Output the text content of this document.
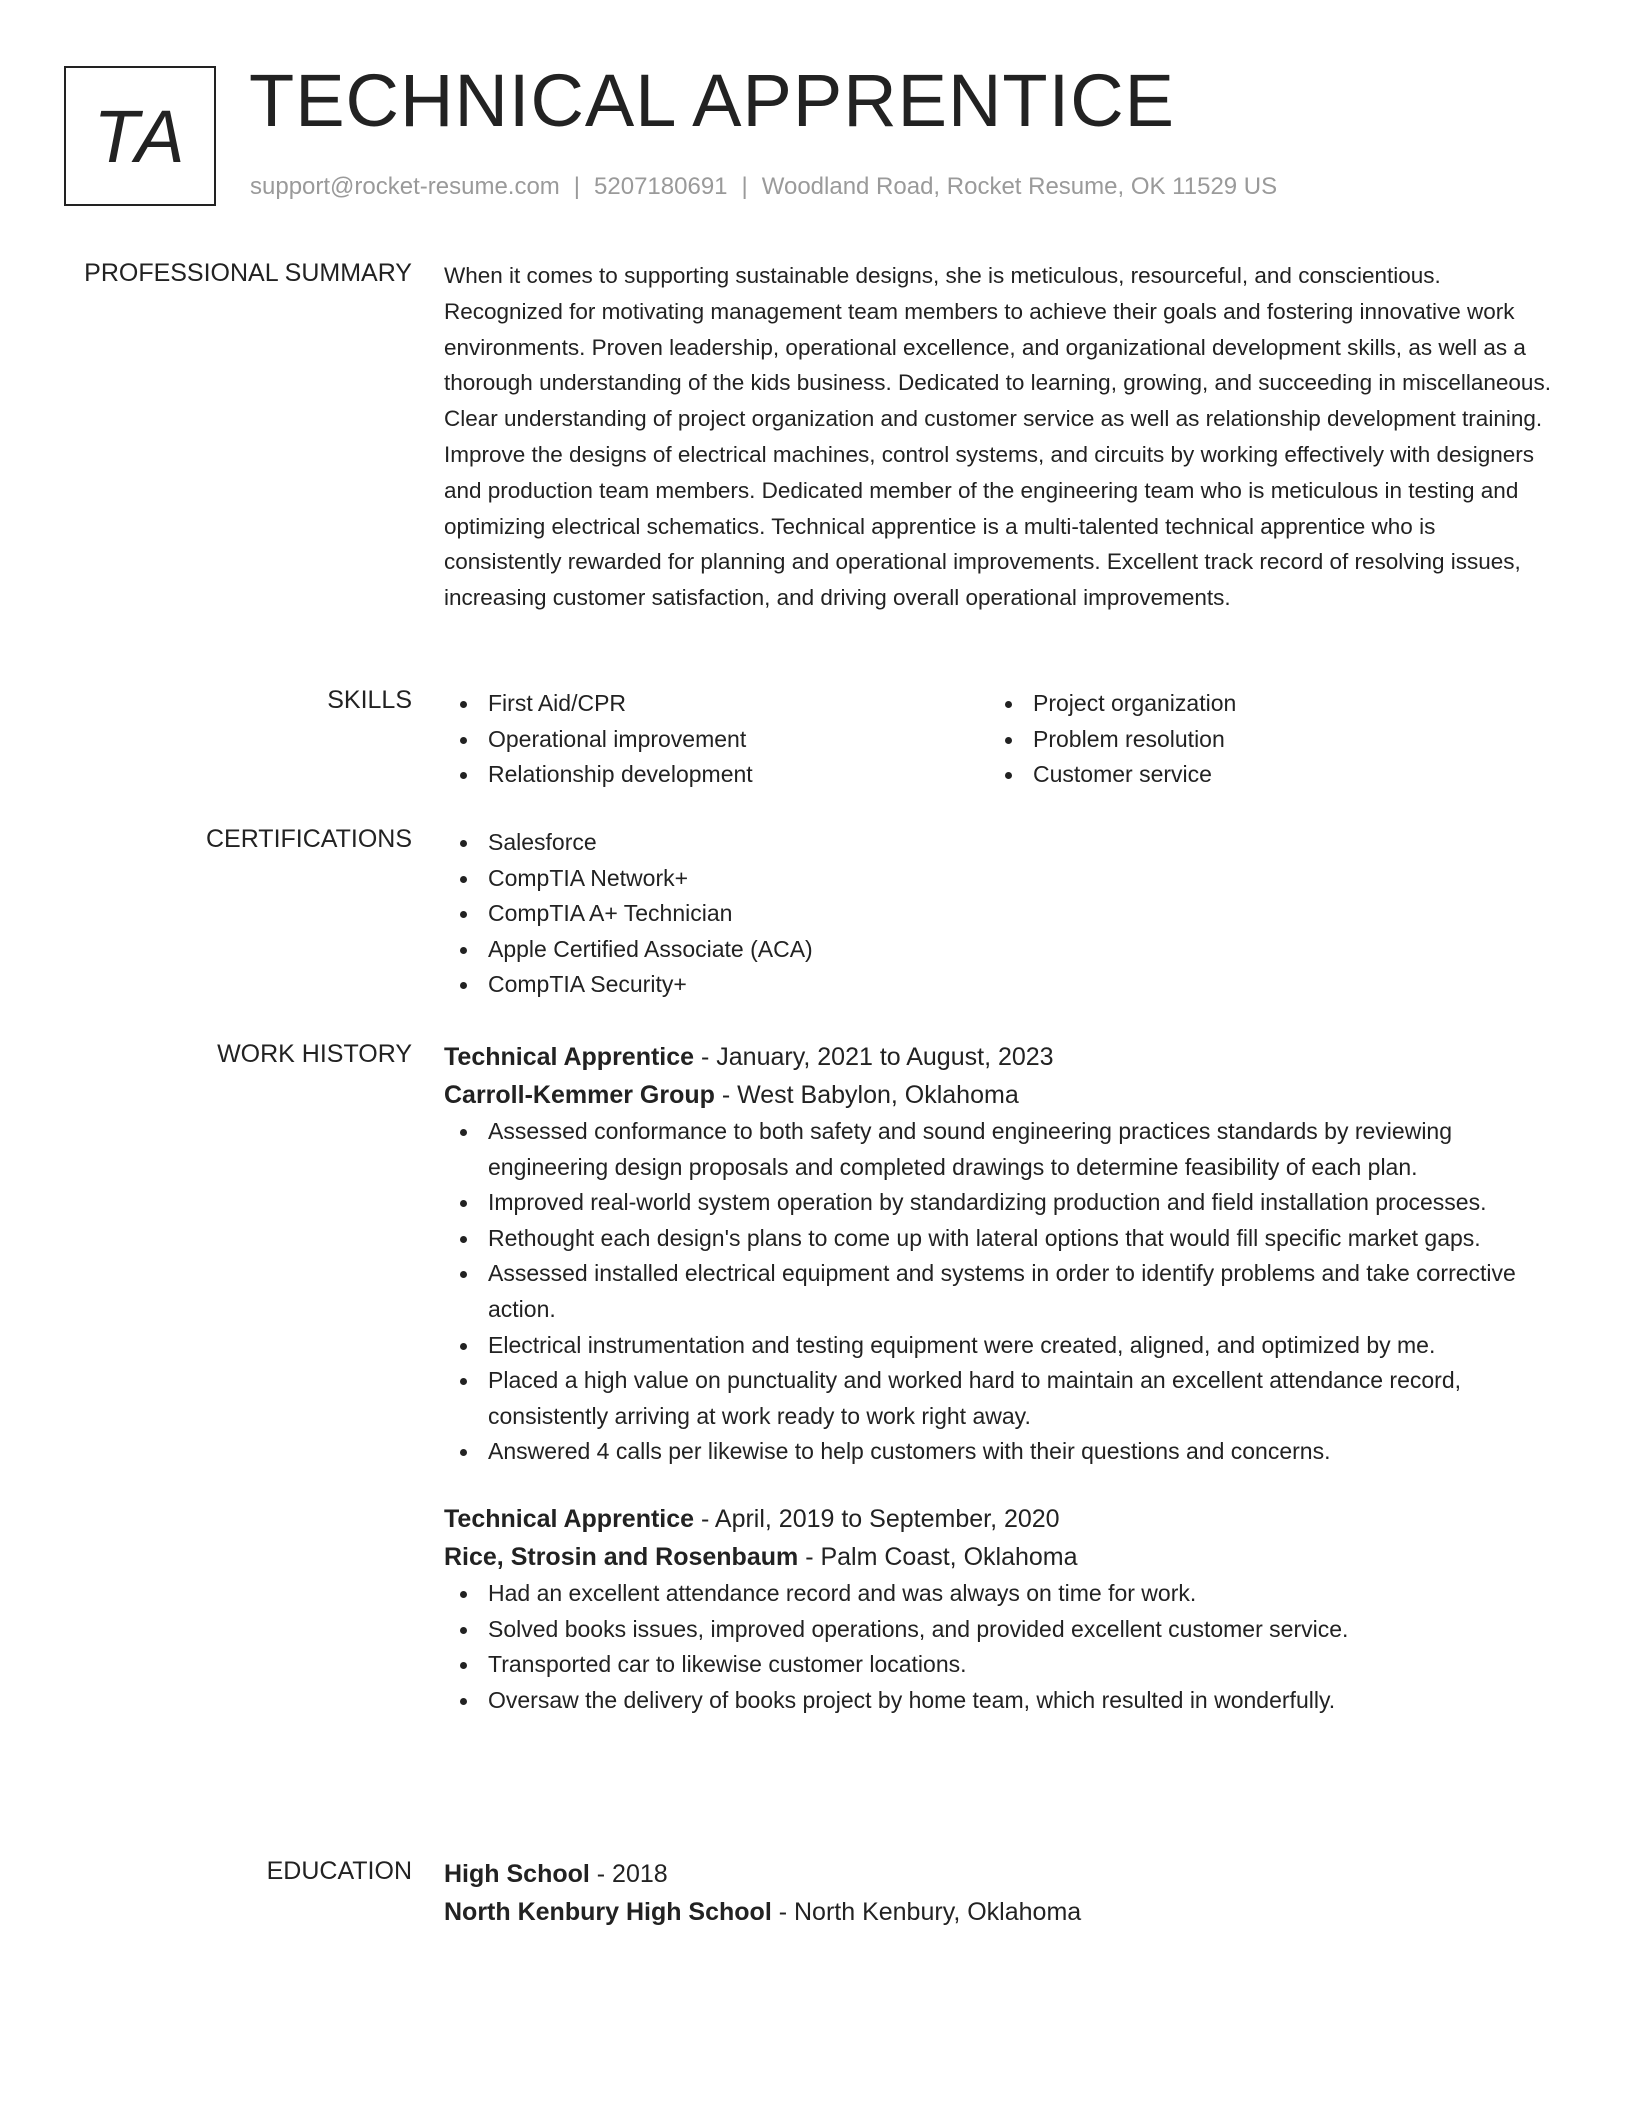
TA TECHNICAL APPRENTICE
support@rocket-resume.com | 5207180691 | Woodland Road, Rocket Resume, OK 11529 US
PROFESSIONAL SUMMARY When it comes to supporting sustainable designs, she is meticulous, resourceful, and conscientious. Recognized for motivating management team members to achieve their goals and fostering innovative work environments. Proven leadership, operational excellence, and organizational development skills, as well as a thorough understanding of the kids business. Dedicated to learning, growing, and succeeding in miscellaneous. Clear understanding of project organization and customer service as well as relationship development training. Improve the designs of electrical machines, control systems, and circuits by working effectively with designers and production team members. Dedicated member of the engineering team who is meticulous in testing and optimizing electrical schematics. Technical apprentice is a multi-talented technical apprentice who is consistently rewarded for planning and operational improvements. Excellent track record of resolving issues, increasing customer satisfaction, and driving overall operational improvements.

SKILLS	First Aid/CPR
Operational improvement
Relationship development
Project organization
Problem resolution
Customer service
CERTIFICATIONS	Salesforce
CompTIA Network+
CompTIA A+ Technician
Apple Certified Associate (ACA)
CompTIA Security+
WORK HISTORY Technical Apprentice - January, 2021 to August, 2023
Carroll-Kemmer Group - West Babylon, Oklahoma
Assessed conformance to both safety and sound engineering practices standards by reviewing engineering design proposals and completed drawings to determine feasibility of each plan.
Improved real-world system operation by standardizing production and field installation processes.
Rethought each design's plans to come up with lateral options that would fill specific market gaps.
Assessed installed electrical equipment and systems in order to identify problems and take corrective action.
Electrical instrumentation and testing equipment were created, aligned, and optimized by me.
Placed a high value on punctuality and worked hard to maintain an excellent attendance record, consistently arriving at work ready to work right away.
Answered 4 calls per likewise to help customers with their questions and concerns.
Technical Apprentice - April, 2019 to September, 2020
Rice, Strosin and Rosenbaum - Palm Coast, Oklahoma
Had an excellent attendance record and was always on time for work.
Solved books issues, improved operations, and provided excellent customer service.
Transported car to likewise customer locations.
Oversaw the delivery of books project by home team, which resulted in wonderfully.
EDUCATION High School - 2018
North Kenbury High School - North Kenbury, Oklahoma
